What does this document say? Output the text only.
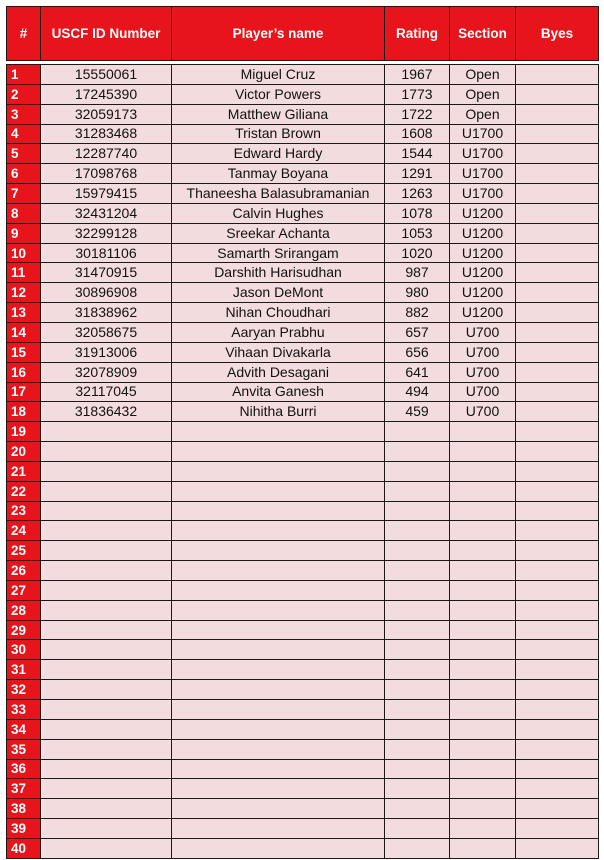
#	USCF ID Number	Player’s name	Rating	Section	Byes

1	15550061	Miguel Cruz	1967	Open	
2	17245390	Victor Powers	1773	Open	
3	32059173	Matthew Giliana	1722	Open	
4	31283468	Tristan Brown	1608	U1700	
5	12287740	Edward Hardy	1544	U1700	
6	17098768	Tanmay Boyana	1291	U1700	
7	15979415	Thaneesha Balasubramanian	1263	U1700	
8	32431204	Calvin Hughes	1078	U1200	
9	32299128	Sreekar Achanta	1053	U1200	
10	30181106	Samarth Srirangam	1020	U1200	
11	31470915	Darshith Harisudhan	987	U1200	
12	30896908	Jason DeMont	980	U1200	
13	31838962	Nihan Choudhari	882	U1200	
14	32058675	Aaryan Prabhu	657	U700	
15	31913006	Vihaan Divakarla	656	U700	
16	32078909	Advith Desagani	641	U700	
17	32117045	Anvita Ganesh	494	U700	
18	31836432	Nihitha Burri	459	U700	
19					
20					
21					
22					
23					
24					
25					
26					
27					
28					
29					
30					
31					
32					
33					
34					
35					
36					
37					
38					
39					
40					
